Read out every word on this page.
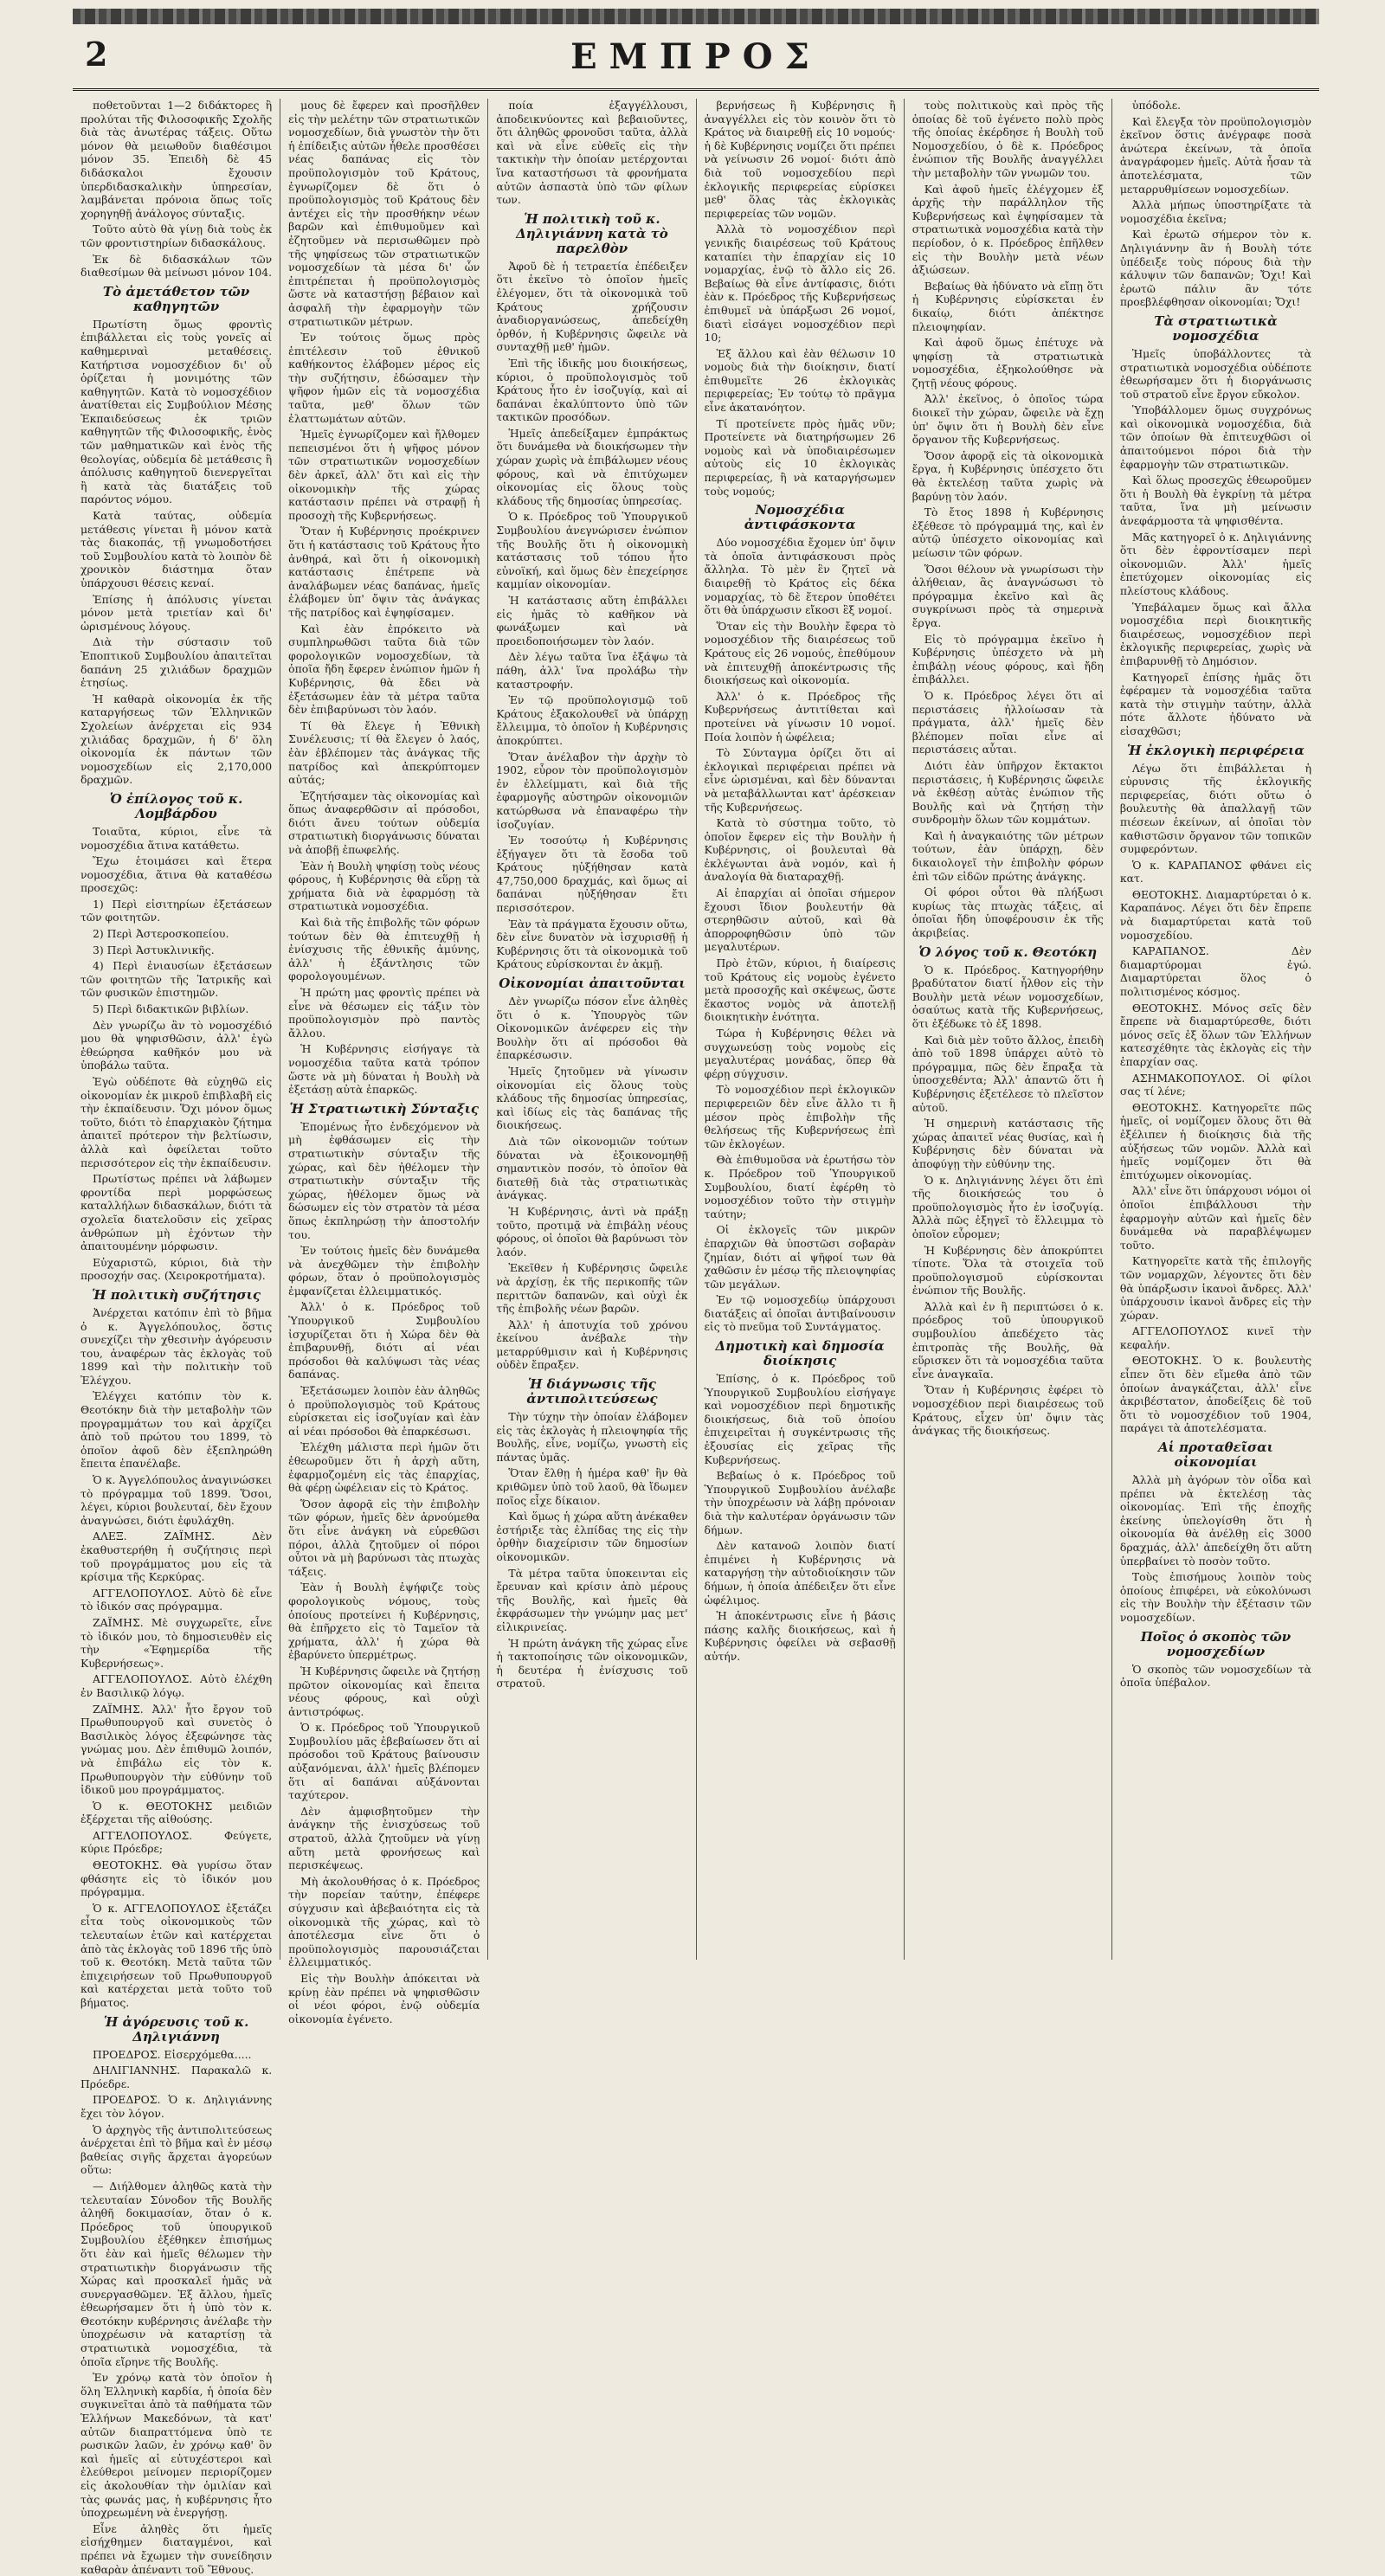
2	ΕΜΠΡΟΣ

ποθετοῦνται 1—2 διδάκτορες ἢ προλύται τῆς Φιλοσοφικῆς Σχολῆς διὰ τὰς ἀνωτέρας τάξεις. Οὕτω μόνον θὰ μειωθοῦν διαθέσιμοι μόνον 35. Ἐπειδὴ δὲ 45 διδάσκαλοι ἔχουσιν ὑπερδιδασκαλικὴν ὑπηρεσίαν, λαμβάνεται πρόνοια ὅπως τοῖς χορηγηθῇ ἀνάλογος σύνταξις.

Τοῦτο αὐτὸ θὰ γίνῃ διὰ τοὺς ἐκ τῶν φροντιστηρίων διδασκάλους.

Ἐκ δὲ διδασκάλων τῶν διαθεσίμων θὰ μείνωσι μόνον 104.

Τὸ ἀμετάθετον τῶν καθηγητῶν

Πρωτίστη ὅμως φροντὶς ἐπιβάλλεται εἰς τοὺς γονεῖς αἱ καθημεριναὶ μεταθέσεις. Κατήρτισα νομοσχέδιον δι' οὗ ὁρίζεται ἡ μονιμότης τῶν καθηγητῶν. Κατὰ τὸ νομοσχέδιον ἀνατίθεται εἰς Συμβούλιον Μέσης Ἐκπαιδεύσεως ἐκ τριῶν καθηγητῶν τῆς Φιλοσοφικῆς, ἑνὸς τῶν μαθηματικῶν καὶ ἑνὸς τῆς θεολογίας, οὐδεμία δὲ μετάθεσις ἢ ἀπόλυσις καθηγητοῦ διενεργεῖται ἢ κατὰ τὰς διατάξεις τοῦ παρόντος νόμου.

Κατὰ ταύτας, οὐδεμία μετάθεσις γίνεται ἢ μόνον κατὰ τὰς διακοπάς, τῇ γνωμοδοτήσει τοῦ Συμβουλίου κατὰ τὸ λοιπὸν δὲ χρονικὸν διάστημα ὅταν ὑπάρχουσι θέσεις κεναί.

Ἐπίσης ἡ ἀπόλυσις γίνεται μόνον μετὰ τριετίαν καὶ δι' ὡρισμένους λόγους.

Διὰ τὴν σύστασιν τοῦ Ἐποπτικοῦ Συμβουλίου ἀπαιτεῖται δαπάνη 25 χιλιάδων δραχμῶν ἐτησίως.

Ἡ καθαρὰ οἰκονομία ἐκ τῆς καταργήσεως τῶν Ἑλληνικῶν Σχολείων ἀνέρχεται εἰς 934 χιλιάδας δραχμῶν, ἡ δ' ὅλη οἰκονομία ἐκ πάντων τῶν νομοσχεδίων εἰς 2,170,000 δραχμῶν.

Ὁ ἐπίλογος τοῦ κ. Λομβάρδου

Τοιαῦτα, κύριοι, εἶνε τὰ νομοσχέδια ἅτινα κατάθετω.

Ἔχω ἑτοιμάσει καὶ ἕτερα νομοσχέδια, ἅτινα θὰ καταθέσω προσεχῶς:

1) Περὶ εἰσιτηρίων ἐξετάσεων τῶν φοιτητῶν.

2) Περὶ Ἀστεροσκοπείου.

3) Περὶ Ἀστυκλινικῆς.

4) Περὶ ἐνιαυσίων ἐξετάσεων τῶν φοιτητῶν τῆς Ἰατρικῆς καὶ τῶν φυσικῶν ἐπιστημῶν.

5) Περὶ διδακτικῶν βιβλίων.

Δὲν γνωρίζω ἂν τὸ νομοσχέδιό μου θὰ ψηφισθῶσιν, ἀλλ' ἐγὼ ἐθεώρησα καθῆκόν μου νὰ ὑποβάλω ταῦτα.

Ἐγὼ οὐδέποτε θὰ εὐχηθῶ εἰς οἰκονομίαν ἐκ μικροῦ ἐπιβλαβῆ εἰς τὴν ἐκπαίδευσιν. Ὅχι μόνον ὅμως τοῦτο, διότι τὸ ἐπαρχιακὸν ζήτημα ἀπαιτεῖ πρότερον τὴν βελτίωσιν, ἀλλὰ καὶ ὀφείλεται τοῦτο περισσότερον εἰς τὴν ἐκπαίδευσιν.

Πρωτίστως πρέπει νὰ λάβωμεν φροντίδα περὶ μορφώσεως καταλλήλων διδασκάλων, διότι τὰ σχολεῖα διατελοῦσιν εἰς χεῖρας ἀνθρώπων μὴ ἐχόντων τὴν ἀπαιτουμένην μόρφωσιν.

Εὐχαριστῶ, κύριοι, διὰ τὴν προσοχήν σας. (Χειροκροτήματα).

Ἡ πολιτικὴ συζήτησις

Ἀνέρχεται κατόπιν ἐπὶ τὸ βῆμα ὁ κ. Ἀγγελόπουλος, ὅστις συνεχίζει τὴν χθεσινὴν ἀγόρευσιν του, ἀναφέρων τὰς ἐκλογὰς τοῦ 1899 καὶ τὴν πολιτικὴν τοῦ Ἐλέγχου.

Ἐλέγχει κατόπιν τὸν κ. Θεοτόκην διὰ τὴν μεταβολὴν τῶν προγραμμάτων του καὶ ἀρχίζει ἀπὸ τοῦ πρώτου του 1899, τὸ ὁποῖον ἀφοῦ δὲν ἐξεπληρώθη ἔπειτα ἐπανέλαβε.

Ὁ κ. Ἀγγελόπουλος ἀναγινώσκει τὸ πρόγραμμα τοῦ 1899. Ὅσοι, λέγει, κύριοι βουλευταί, δὲν ἔχουν ἀναγνώσει, διότι ἐφυλάχθη.

ΑΛΕΞ. ΖΑΪΜΗΣ. Δὲν ἐκαθυστερήθη ἡ συζήτησις περὶ τοῦ προγράμματος μου εἰς τὰ κρίσιμα τῆς Κερκύρας.

ΑΓΓΕΛΟΠΟΥΛΟΣ. Αὐτὸ δὲ εἶνε τὸ ἰδικόν σας πρόγραμμα.

ΖΑΪΜΗΣ. Μὲ συγχωρεῖτε, εἶνε τὸ ἰδικόν μου, τὸ δημοσιευθὲν εἰς τὴν «Ἐφημερίδα τῆς Κυβερνήσεως».

ΑΓΓΕΛΟΠΟΥΛΟΣ. Αὐτὸ ἐλέχθη ἐν Βασιλικῷ λόγῳ.

ΖΑΪΜΗΣ. Ἀλλ' ἦτο ἔργον τοῦ Πρωθυπουργοῦ καὶ συνετὸς ὁ Βασιλικὸς λόγος ἐξεφώνησε τὰς γνώμας μου. Δὲν ἐπιθυμῶ λοιπόν, νὰ ἐπιβάλω εἰς τὸν κ. Πρωθυπουργὸν τὴν εὐθύνην τοῦ ἰδικοῦ μου προγράμματος.

Ὁ κ. ΘΕΟΤΟΚΗΣ μειδιῶν ἐξέρχεται τῆς αἰθούσης.

ΑΓΓΕΛΟΠΟΥΛΟΣ. Φεύγετε, κύριε Πρόεδρε;

ΘΕΟΤΟΚΗΣ. Θὰ γυρίσω ὅταν φθάσητε εἰς τὸ ἰδικόν μου πρόγραμμα.

Ὁ κ. ΑΓΓΕΛΟΠΟΥΛΟΣ ἐξετάζει εἶτα τοὺς οἰκονομικοὺς τῶν τελευταίων ἐτῶν καὶ κατέρχεται ἀπὸ τὰς ἐκλογὰς τοῦ 1896 τῆς ὑπὸ τοῦ κ. Θεοτόκη. Μετὰ ταῦτα τῶν ἐπιχειρήσεων τοῦ Πρωθυπουργοῦ καὶ κατέρχεται μετὰ τοῦτο τοῦ βήματος.

Ἡ ἀγόρευσις τοῦ κ. Δηλιγιάννη

ΠΡΟΕΔΡΟΣ. Εἰσερχόμεθα.....

ΔΗΛΙΓΙΑΝΝΗΣ. Παρακαλῶ κ. Πρόεδρε.

ΠΡΟΕΔΡΟΣ. Ὁ κ. Δηλιγιάννης ἔχει τὸν λόγον.

Ὁ ἀρχηγὸς τῆς ἀντιπολιτεύσεως ἀνέρχεται ἐπὶ τὸ βῆμα καὶ ἐν μέσῳ βαθείας σιγῆς ἄρχεται ἀγορεύων οὕτω:

— Διήλθομεν ἀληθῶς κατὰ τὴν τελευταίαν Σύνοδον τῆς Βουλῆς ἀληθῆ δοκιμασίαν, ὅταν ὁ κ. Πρόεδρος τοῦ ὑπουργικοῦ Συμβουλίου ἐξέθηκεν ἐπισήμως ὅτι ἐὰν καὶ ἡμεῖς θέλωμεν τὴν στρατιωτικὴν διοργάνωσιν τῆς Χώρας καὶ προσκαλεῖ ἡμᾶς νὰ συνεργασθῶμεν. Ἐξ ἄλλου, ἡμεῖς ἐθεωρήσαμεν ὅτι ἡ ὑπὸ τὸν κ. Θεοτόκην κυβέρνησις ἀνέλαβε τὴν ὑποχρέωσιν νὰ καταρτίσῃ τὰ στρατιωτικὰ νομοσχέδια, τὰ ὁποῖα εἴρηνε τῆς Βουλῆς.

Ἐν χρόνῳ κατὰ τὸν ὁποῖον ἡ ὅλη Ἑλληνικὴ καρδία, ἡ ὁποία δὲν συγκινεῖται ἀπὸ τὰ παθήματα τῶν Ἑλλήνων Μακεδόνων, τὰ κατ' αὐτῶν διαπραττόμενα ὑπὸ τε ρωσικῶν λαῶν, ἐν χρόνῳ καθ' ὃν καὶ ἡμεῖς αἱ εὐτυχέστεροι καὶ ἐλεύθεροι μείνομεν περιορίζομεν εἰς ἀκολουθίαν τὴν ὁμιλίαν καὶ τὰς φωνάς μας, ἡ κυβέρνησις ἦτο ὑποχρεωμένη νὰ ἐνεργήσῃ.

Εἶνε ἀληθὲς ὅτι ἡμεῖς εἰσήχθημεν διαταγμένοι, καὶ πρέπει νὰ ἔχωμεν τὴν συνείδησιν καθαρὰν ἀπέναντι τοῦ Ἔθνους.

μους δὲ ἔφερεν καὶ προσῆλθεν εἰς τὴν μελέτην τῶν στρατιωτικῶν νομοσχεδίων, διὰ γνωστὸν τὴν ὅτι ἡ ἐπίδειξις αὐτῶν ἦθελε προσθέσει νέας δαπάνας εἰς τὸν προϋπολογισμὸν τοῦ Κράτους, ἐγνωρίζομεν δὲ ὅτι ὁ προϋπολογισμὸς τοῦ Κράτους δὲν ἀντέχει εἰς τὴν προσθήκην νέων βαρῶν καὶ ἐπιθυμοῦμεν καὶ ἐζητοῦμεν νὰ περισωθῶμεν πρὸ τῆς ψηφίσεως τῶν στρατιωτικῶν νομοσχεδίων τὰ μέσα δι' ὧν ἐπιτρέπεται ἡ προϋπολογισμὸς ὥστε νὰ καταστήσῃ βέβαιον καὶ ἀσφαλῆ τὴν ἐφαρμογὴν τῶν στρατιωτικῶν μέτρων.

Ἐν τούτοις ὅμως πρὸς ἐπιτέλεσιν τοῦ ἐθνικοῦ καθήκοντος ἐλάβομεν μέρος εἰς τὴν συζήτησιν, ἐδώσαμεν τὴν ψῆφον ἡμῶν εἰς τὰ νομοσχέδια ταῦτα, μεθ' ὅλων τῶν ἐλαττωμάτων αὐτῶν.

Ἡμεῖς ἐγνωρίζομεν καὶ ἤλθομεν πεπεισμένοι ὅτι ἡ ψῆφος μόνον τῶν στρατιωτικῶν νομοσχεδίων δὲν ἀρκεῖ, ἀλλ' ὅτι καὶ εἰς τὴν οἰκονομικὴν τῆς χώρας κατάστασιν πρέπει νὰ στραφῇ ἡ προσοχὴ τῆς Κυβερνήσεως.

Ὅταν ἡ Κυβέρνησις προέκρινεν ὅτι ἡ κατάστασις τοῦ Κράτους ἦτο ἀνθηρά, καὶ ὅτι ἡ οἰκονομικὴ κατάστασις ἐπέτρεπε νὰ ἀναλάβωμεν νέας δαπάνας, ἡμεῖς ἐλάβομεν ὑπ' ὄψιν τὰς ἀνάγκας τῆς πατρίδος καὶ ἐψηφίσαμεν.

Καὶ ἐὰν ἐπρόκειτο νὰ συμπληρωθῶσι ταῦτα διὰ τῶν φορολογικῶν νομοσχεδίων, τὰ ὁποῖα ἤδη ἔφερεν ἐνώπιον ἡμῶν ἡ Κυβέρνησις, θὰ ἔδει νὰ ἐξετάσωμεν ἐὰν τὰ μέτρα ταῦτα δὲν ἐπιβαρύνωσι τὸν λαόν.

Τί θὰ ἔλεγε ἡ Ἐθνικὴ Συνέλευσις; τί θὰ ἔλεγεν ὁ λαός, ἐὰν ἐβλέπομεν τὰς ἀνάγκας τῆς πατρίδος καὶ ἀπεκρύπτομεν αὐτάς;

Ἐζητήσαμεν τὰς οἰκονομίας καὶ ὅπως ἀναφερθῶσιν αἱ πρόσοδοι, διότι ἄνευ τούτων οὐδεμία στρατιωτικὴ διοργάνωσις δύναται νὰ ἀποβῇ ἐπωφελής.

Ἐὰν ἡ Βουλὴ ψηφίσῃ τοὺς νέους φόρους, ἡ Κυβέρνησις θὰ εὕρῃ τὰ χρήματα διὰ νὰ ἐφαρμόσῃ τὰ στρατιωτικὰ νομοσχέδια.

Καὶ διὰ τῆς ἐπιβολῆς τῶν φόρων τούτων δὲν θὰ ἐπιτευχθῇ ἡ ἐνίσχυσις τῆς ἐθνικῆς ἀμύνης, ἀλλ' ἡ ἐξάντλησις τῶν φορολογουμένων.

Ἡ πρώτη μας φροντὶς πρέπει νὰ εἶνε νὰ θέσωμεν εἰς τάξιν τὸν προϋπολογισμὸν πρὸ παντὸς ἄλλου.

Ἡ Κυβέρνησις εἰσήγαγε τὰ νομοσχέδια ταῦτα κατὰ τρόπον ὥστε νὰ μὴ δύναται ἡ Βουλὴ νὰ ἐξετάσῃ αὐτὰ ἐπαρκῶς.

Ἡ Στρατιωτικὴ Σύνταξις

Ἐπομένως ἦτο ἐνδεχόμενον νὰ μὴ ἐφθάσωμεν εἰς τὴν στρατιωτικὴν σύνταξιν τῆς χώρας, καὶ δὲν ἠθέλομεν τὴν στρατιωτικὴν σύνταξιν τῆς χώρας, ἠθέλομεν ὅμως νὰ δώσωμεν εἰς τὸν στρατὸν τὰ μέσα ὅπως ἐκπληρώσῃ τὴν ἀποστολήν του.

Ἐν τούτοις ἡμεῖς δὲν δυνάμεθα νὰ ἀνεχθῶμεν τὴν ἐπιβολὴν φόρων, ὅταν ὁ προϋπολογισμὸς ἐμφανίζεται ἐλλειμματικός.

Ἀλλ' ὁ κ. Πρόεδρος τοῦ Ὑπουργικοῦ Συμβουλίου ἰσχυρίζεται ὅτι ἡ Χώρα δὲν θὰ ἐπιβαρυνθῇ, διότι αἱ νέαι πρόσοδοι θὰ καλύψωσι τὰς νέας δαπάνας.

Ἐξετάσωμεν λοιπὸν ἐὰν ἀληθῶς ὁ προϋπολογισμὸς τοῦ Κράτους εὑρίσκεται εἰς ἰσοζυγίαν καὶ ἐὰν αἱ νέαι πρόσοδοι θὰ ἐπαρκέσωσι.

Ἐλέχθη μάλιστα περὶ ἡμῶν ὅτι ἐθεωροῦμεν ὅτι ἡ ἀρχὴ αὕτη, ἐφαρμοζομένη εἰς τὰς ἐπαρχίας, θὰ φέρῃ ὠφέλειαν εἰς τὸ Κράτος.

Ὅσον ἀφορᾷ εἰς τὴν ἐπιβολὴν τῶν φόρων, ἡμεῖς δὲν ἀρνούμεθα ὅτι εἶνε ἀνάγκη νὰ εὑρεθῶσι πόροι, ἀλλὰ ζητοῦμεν οἱ πόροι οὗτοι νὰ μὴ βαρύνωσι τὰς πτωχὰς τάξεις.

Ἐὰν ἡ Βουλὴ ἐψήφιζε τοὺς φορολογικοὺς νόμους, τοὺς ὁποίους προτείνει ἡ Κυβέρνησις, θὰ ἐπῆρχετο εἰς τὸ Ταμεῖον τὰ χρήματα, ἀλλ' ἡ χώρα θὰ ἐβαρύνετο ὑπερμέτρως.

Ἡ Κυβέρνησις ὤφειλε νὰ ζητήσῃ πρῶτον οἰκονομίας καὶ ἔπειτα νέους φόρους, καὶ οὐχὶ ἀντιστρόφως.

Ὁ κ. Πρόεδρος τοῦ Ὑπουργικοῦ Συμβουλίου μᾶς ἐβεβαίωσεν ὅτι αἱ πρόσοδοι τοῦ Κράτους βαίνουσιν αὐξανόμεναι, ἀλλ' ἡμεῖς βλέπομεν ὅτι αἱ δαπάναι αὐξάνονται ταχύτερον.

Δὲν ἀμφισβητοῦμεν τὴν ἀνάγκην τῆς ἐνισχύσεως τοῦ στρατοῦ, ἀλλὰ ζητοῦμεν νὰ γίνῃ αὕτη μετὰ φρονήσεως καὶ περισκέψεως.

Μὴ ἀκολουθήσας ὁ κ. Πρόεδρος τὴν πορείαν ταύτην, ἐπέφερε σύγχυσιν καὶ ἀβεβαιότητα εἰς τὰ οἰκονομικὰ τῆς χώρας, καὶ τὸ ἀποτέλεσμα εἶνε ὅτι ὁ προϋπολογισμὸς παρουσιάζεται ἐλλειμματικός.

Εἰς τὴν Βουλὴν ἀπόκειται νὰ κρίνῃ ἐὰν πρέπει νὰ ψηφισθῶσιν οἱ νέοι φόροι, ἐνῷ οὐδεμία οἰκονομία ἐγένετο.

ποία ἐξαγγέλλουσι, ἀποδεικνύοντες καὶ βεβαιοῦντες, ὅτι ἀληθῶς φρονοῦσι ταῦτα, ἀλλὰ καὶ νὰ εἶνε εὐθεῖς εἰς τὴν τακτικὴν τὴν ὁποίαν μετέρχονται ἵνα καταστήσωσι τὰ φρονήματα αὐτῶν ἀσπαστὰ ὑπὸ τῶν φίλων των.

Ἡ πολιτικὴ τοῦ κ. Δηλιγιάννη κατὰ τὸ παρελθὸν

Ἀφοῦ δὲ ἡ τετραετία ἐπέδειξεν ὅτι ἐκεῖνο τὸ ὁποῖον ἡμεῖς ἐλέγομεν, ὅτι τὰ οἰκονομικὰ τοῦ Κράτους χρήζουσιν ἀναδιοργανώσεως, ἀπεδείχθη ὀρθόν, ἡ Κυβέρνησις ὤφειλε νὰ συνταχθῇ μεθ' ἡμῶν.

Ἐπὶ τῆς ἰδικῆς μου διοικήσεως, κύριοι, ὁ προϋπολογισμὸς τοῦ Κράτους ἦτο ἐν ἰσοζυγίᾳ, καὶ αἱ δαπάναι ἐκαλύπτοντο ὑπὸ τῶν τακτικῶν προσόδων.

Ἡμεῖς ἀπεδείξαμεν ἐμπράκτως ὅτι δυνάμεθα νὰ διοικήσωμεν τὴν χώραν χωρὶς νὰ ἐπιβάλωμεν νέους φόρους, καὶ νὰ ἐπιτύχωμεν οἰκονομίας εἰς ὅλους τοὺς κλάδους τῆς δημοσίας ὑπηρεσίας.

Ὁ κ. Πρόεδρος τοῦ Ὑπουργικοῦ Συμβουλίου ἀνεγνώρισεν ἐνώπιον τῆς Βουλῆς ὅτι ἡ οἰκονομικὴ κατάστασις τοῦ τόπου ἦτο εὐνοϊκή, καὶ ὅμως δὲν ἐπεχείρησε καμμίαν οἰκονομίαν.

Ἡ κατάστασις αὕτη ἐπιβάλλει εἰς ἡμᾶς τὸ καθῆκον νὰ φωνάξωμεν καὶ νὰ προειδοποιήσωμεν τὸν λαόν.

Δὲν λέγω ταῦτα ἵνα ἐξάψω τὰ πάθη, ἀλλ' ἵνα προλάβω τὴν καταστροφήν.

Ἐν τῷ προϋπολογισμῷ τοῦ Κράτους ἐξακολουθεῖ νὰ ὑπάρχῃ ἔλλειμμα, τὸ ὁποῖον ἡ Κυβέρνησις ἀποκρύπτει.

Ὅταν ἀνέλαβον τὴν ἀρχὴν τὸ 1902, εὗρον τὸν προϋπολογισμὸν ἐν ἐλλείμματι, καὶ διὰ τῆς ἐφαρμογῆς αὐστηρῶν οἰκονομιῶν κατώρθωσα νὰ ἐπαναφέρω τὴν ἰσοζυγίαν.

Ἐν τοσούτῳ ἡ Κυβέρνησις ἐξήγαγεν ὅτι τὰ ἔσοδα τοῦ Κράτους ηὐξήθησαν κατὰ 47,750,000 δραχμάς, καὶ ὅμως αἱ δαπάναι ηὐξήθησαν ἔτι περισσότερον.

Ἐὰν τὰ πράγματα ἔχουσιν οὕτω, δὲν εἶνε δυνατὸν νὰ ἰσχυρισθῇ ἡ Κυβέρνησις ὅτι τὰ οἰκονομικὰ τοῦ Κράτους εὑρίσκονται ἐν ἀκμῇ.

Οἰκονομίαι ἀπαιτοῦνται

Δὲν γνωρίζω πόσον εἶνε ἀληθὲς ὅτι ὁ κ. Ὑπουργὸς τῶν Οἰκονομικῶν ἀνέφερεν εἰς τὴν Βουλὴν ὅτι αἱ πρόσοδοι θὰ ἐπαρκέσωσιν.

Ἡμεῖς ζητοῦμεν νὰ γίνωσιν οἰκονομίαι εἰς ὅλους τοὺς κλάδους τῆς δημοσίας ὑπηρεσίας, καὶ ἰδίως εἰς τὰς δαπάνας τῆς διοικήσεως.

Διὰ τῶν οἰκονομιῶν τούτων δύναται νὰ ἐξοικονομηθῇ σημαντικὸν ποσόν, τὸ ὁποῖον θὰ διατεθῇ διὰ τὰς στρατιωτικὰς ἀνάγκας.

Ἡ Κυβέρνησις, ἀντὶ νὰ πράξῃ τοῦτο, προτιμᾷ νὰ ἐπιβάλῃ νέους φόρους, οἱ ὁποῖοι θὰ βαρύνωσι τὸν λαόν.

Ἐκεῖθεν ἡ Κυβέρνησις ὤφειλε νὰ ἀρχίσῃ, ἐκ τῆς περικοπῆς τῶν περιττῶν δαπανῶν, καὶ οὐχὶ ἐκ τῆς ἐπιβολῆς νέων βαρῶν.

Ἀλλ' ἡ ἀποτυχία τοῦ χρόνου ἐκείνου ἀνέβαλε τὴν μεταρρύθμισιν καὶ ἡ Κυβέρνησις οὐδὲν ἔπραξεν.

Ἡ διάγνωσις τῆς ἀντιπολιτεύσεως

Τὴν τύχην τὴν ὁποίαν ἐλάβομεν εἰς τὰς ἐκλογὰς ἡ πλειοψηφία τῆς Βουλῆς, εἶνε, νομίζω, γνωστὴ εἰς πάντας ὑμᾶς.

Ὅταν ἔλθῃ ἡ ἡμέρα καθ' ἣν θὰ κριθῶμεν ὑπὸ τοῦ λαοῦ, θὰ ἴδωμεν ποῖος εἶχε δίκαιον.

Καὶ ὅμως ἡ χώρα αὕτη ἀνέκαθεν ἐστήριξε τὰς ἐλπίδας της εἰς τὴν ὀρθὴν διαχείρισιν τῶν δημοσίων οἰκονομικῶν.

Τὰ μέτρα ταῦτα ὑποκεινται εἰς ἔρευναν καὶ κρίσιν ἀπὸ μέρους τῆς Βουλῆς, καὶ ἡμεῖς θὰ ἐκφράσωμεν τὴν γνώμην μας μετ' εἰλικρινείας.

Ἡ πρώτη ἀνάγκη τῆς χώρας εἶνε ἡ τακτοποίησις τῶν οἰκονομικῶν, ἡ δευτέρα ἡ ἐνίσχυσις τοῦ στρατοῦ.

βερνήσεως ἢ Κυβέρνησις ἢ ἀναγγέλλει εἰς τὸν κοινὸν ὅτι τὸ Κράτος νὰ διαιρεθῇ εἰς 10 νομούς· ἡ δὲ Κυβέρνησις νομίζει ὅτι πρέπει νὰ γείνωσιν 26 νομοί· διότι ἀπὸ διὰ τοῦ νομοσχεδίου περὶ ἐκλογικῆς περιφερείας εὑρίσκει μεθ' ὅλας τὰς ἐκλογικὰς περιφερείας τῶν νομῶν.

Ἀλλὰ τὸ νομοσχέδιον περὶ γενικῆς διαιρέσεως τοῦ Κράτους καταπίει τὴν ἐπαρχίαν εἰς 10 νομαρχίας, ἐνῷ τὸ ἄλλο εἰς 26. Βεβαίως θὰ εἶνε ἀντίφασις, διότι ἐὰν κ. Πρόεδρος τῆς Κυβερνήσεως ἐπιθυμεῖ νὰ ὑπάρξωσι 26 νομοί, διατὶ εἰσάγει νομοσχέδιον περὶ 10;

Ἐξ ἄλλου καὶ ἐὰν θέλωσιν 10 νομοὺς διὰ τὴν διοίκησιν, διατί ἐπιθυμεῖτε 26 ἐκλογικὰς περιφερείας; Ἐν τούτῳ τὸ πρᾶγμα εἶνε ἀκατανόητον.

Τί προτείνετε πρὸς ἡμᾶς νῦν; Προτείνετε νὰ διατηρήσωμεν 26 νομοὺς καὶ νὰ ὑποδιαιρέσωμεν αὐτοὺς εἰς 10 ἐκλογικὰς περιφερείας, ἢ νὰ καταργήσωμεν τοὺς νομούς;

Νομοσχέδια ἀντιφάσκοντα

Δύο νομοσχέδια ἔχομεν ὑπ' ὄψιν τὰ ὁποῖα ἀντιφάσκουσι πρὸς ἄλληλα. Τὸ μὲν ἓν ζητεῖ νὰ διαιρεθῇ τὸ Κράτος εἰς δέκα νομαρχίας, τὸ δὲ ἕτερον ὑποθέτει ὅτι θὰ ὑπάρχωσιν εἴκοσι ἓξ νομοί.

Ὅταν εἰς τὴν Βουλὴν ἔφερα τὸ νομοσχέδιον τῆς διαιρέσεως τοῦ Κράτους εἰς 26 νομούς, ἐπεθύμουν νὰ ἐπιτευχθῇ ἀποκέντρωσις τῆς διοικήσεως καὶ οἰκονομία.

Ἀλλ' ὁ κ. Πρόεδρος τῆς Κυβερνήσεως ἀντιτίθεται καὶ προτείνει νὰ γίνωσιν 10 νομοί. Ποία λοιπὸν ἡ ὠφέλεια;

Τὸ Σύνταγμα ὁρίζει ὅτι αἱ ἐκλογικαὶ περιφέρειαι πρέπει νὰ εἶνε ὡρισμέναι, καὶ δὲν δύνανται νὰ μεταβάλλωνται κατ' ἀρέσκειαν τῆς Κυβερνήσεως.

Κατὰ τὸ σύστημα τοῦτο, τὸ ὁποῖον ἔφερεν εἰς τὴν Βουλὴν ἡ Κυβέρνησις, οἱ βουλευταὶ θὰ ἐκλέγωνται ἀνὰ νομόν, καὶ ἡ ἀναλογία θὰ διαταραχθῇ.

Αἱ ἐπαρχίαι αἱ ὁποῖαι σήμερον ἔχουσι ἴδιον βουλευτήν θὰ στερηθῶσιν αὐτοῦ, καὶ θὰ ἀπορροφηθῶσιν ὑπὸ τῶν μεγαλυτέρων.

Πρὸ ἐτῶν, κύριοι, ἡ διαίρεσις τοῦ Κράτους εἰς νομοὺς ἐγένετο μετὰ προσοχῆς καὶ σκέψεως, ὥστε ἕκαστος νομὸς νὰ ἀποτελῇ διοικητικὴν ἑνότητα.

Τώρα ἡ Κυβέρνησις θέλει νὰ συγχωνεύσῃ τοὺς νομοὺς εἰς μεγαλυτέρας μονάδας, ὅπερ θὰ φέρῃ σύγχυσιν.

Τὸ νομοσχέδιον περὶ ἐκλογικῶν περιφερειῶν δὲν εἶνε ἄλλο τι ἢ μέσον πρὸς ἐπιβολὴν τῆς θελήσεως τῆς Κυβερνήσεως ἐπὶ τῶν ἐκλογέων.

Θὰ ἐπιθυμοῦσα νὰ ἐρωτήσω τὸν κ. Πρόεδρον τοῦ Ὑπουργικοῦ Συμβουλίου, διατί ἐφέρθη τὸ νομοσχέδιον τοῦτο τὴν στιγμὴν ταύτην;

Οἱ ἐκλογεῖς τῶν μικρῶν ἐπαρχιῶν θὰ ὑποστῶσι σοβαρὰν ζημίαν, διότι αἱ ψῆφοί των θὰ χαθῶσιν ἐν μέσῳ τῆς πλειοψηφίας τῶν μεγάλων.

Ἐν τῷ νομοσχεδίῳ ὑπάρχουσι διατάξεις αἱ ὁποῖαι ἀντιβαίνουσιν εἰς τὸ πνεῦμα τοῦ Συντάγματος.

Δημοτικὴ καὶ δημοσία διοίκησις

Ἐπίσης, ὁ κ. Πρόεδρος τοῦ Ὑπουργικοῦ Συμβουλίου εἰσήγαγε καὶ νομοσχέδιον περὶ δημοτικῆς διοικήσεως, διὰ τοῦ ὁποίου ἐπιχειρεῖται ἡ συγκέντρωσις τῆς ἐξουσίας εἰς χεῖρας τῆς Κυβερνήσεως.

Βεβαίως ὁ κ. Πρόεδρος τοῦ Ὑπουργικοῦ Συμβουλίου ἀνέλαβε τὴν ὑποχρέωσιν νὰ λάβῃ πρόνοιαν διὰ τὴν καλυτέραν ὀργάνωσιν τῶν δήμων.

Δὲν κατανοῶ λοιπὸν διατί ἐπιμένει ἡ Κυβέρνησις νὰ καταργήσῃ τὴν αὐτοδιοίκησιν τῶν δήμων, ἡ ὁποία ἀπέδειξεν ὅτι εἶνε ὠφέλιμος.

Ἡ ἀποκέντρωσις εἶνε ἡ βάσις πάσης καλῆς διοικήσεως, καὶ ἡ Κυβέρνησις ὀφείλει νὰ σεβασθῇ αὐτήν.

τοὺς πολιτικοὺς καὶ πρὸς τῆς ὁποίας δὲ τοῦ ἐγένετο πολὺ πρὸς τῆς ὁποίας ἐκέρδησε ἡ Βουλὴ τοῦ Νομοσχεδίου, ὁ δὲ κ. Πρόεδρος ἐνώπιον τῆς Βουλῆς ἀναγγέλλει τὴν μεταβολὴν τῶν γνωμῶν του.

Καὶ ἀφοῦ ἡμεῖς ἐλέγχομεν ἐξ ἀρχῆς τὴν παράλληλον τῆς Κυβερνήσεως καὶ ἐψηφίσαμεν τὰ στρατιωτικὰ νομοσχέδια κατὰ τὴν περίοδον, ὁ κ. Πρόεδρος ἐπῆλθεν εἰς τὴν Βουλὴν μετὰ νέων ἀξιώσεων.

Βεβαίως θὰ ἠδύνατο νὰ εἴπῃ ὅτι ἡ Κυβέρνησις εὑρίσκεται ἐν δικαίῳ, διότι ἀπέκτησε πλειοψηφίαν.

Καὶ ἀφοῦ ὅμως ἐπέτυχε νὰ ψηφίσῃ τὰ στρατιωτικὰ νομοσχέδια, ἐξηκολούθησε νὰ ζητῇ νέους φόρους.

Ἀλλ' ἐκεῖνος, ὁ ὁποῖος τώρα διοικεῖ τὴν χώραν, ὤφειλε νὰ ἔχῃ ὑπ' ὄψιν ὅτι ἡ Βουλὴ δὲν εἶνε ὄργανον τῆς Κυβερνήσεως.

Ὅσον ἀφορᾷ εἰς τὰ οἰκονομικὰ ἔργα, ἡ Κυβέρνησις ὑπέσχετο ὅτι θὰ ἐκτελέσῃ ταῦτα χωρὶς νὰ βαρύνῃ τὸν λαόν.

Τὸ ἔτος 1898 ἡ Κυβέρνησις ἐξέθεσε τὸ πρόγραμμά της, καὶ ἐν αὐτῷ ὑπέσχετο οἰκονομίας καὶ μείωσιν τῶν φόρων.

Ὅσοι θέλουν νὰ γνωρίσωσι τὴν ἀλήθειαν, ἂς ἀναγνώσωσι τὸ πρόγραμμα ἐκεῖνο καὶ ἂς συγκρίνωσι πρὸς τὰ σημερινὰ ἔργα.

Εἰς τὸ πρόγραμμα ἐκεῖνο ἡ Κυβέρνησις ὑπέσχετο νὰ μὴ ἐπιβάλῃ νέους φόρους, καὶ ἤδη ἐπιβάλλει.

Ὁ κ. Πρόεδρος λέγει ὅτι αἱ περιστάσεις ἠλλοίωσαν τὰ πράγματα, ἀλλ' ἡμεῖς δὲν βλέπομεν ποῖαι εἶνε αἱ περιστάσεις αὗται.

Διότι ἐὰν ὑπῆρχον ἔκτακτοι περιστάσεις, ἡ Κυβέρνησις ὤφειλε νὰ ἐκθέσῃ αὐτὰς ἐνώπιον τῆς Βουλῆς καὶ νὰ ζητήσῃ τὴν συνδρομὴν ὅλων τῶν κομμάτων.

Καὶ ἡ ἀναγκαιότης τῶν μέτρων τούτων, ἐὰν ὑπάρχῃ, δὲν δικαιολογεῖ τὴν ἐπιβολὴν φόρων ἐπὶ τῶν εἰδῶν πρώτης ἀνάγκης.

Οἱ φόροι οὗτοι θὰ πλήξωσι κυρίως τὰς πτωχὰς τάξεις, αἱ ὁποῖαι ἤδη ὑποφέρουσιν ἐκ τῆς ἀκριβείας.

Ὁ λόγος τοῦ κ. Θεοτόκη

Ὁ κ. Πρόεδρος. Κατηγορήθην βραδύτατον διατί ἦλθον εἰς τὴν Βουλὴν μετὰ νέων νομοσχεδίων, ὁσαύτως κατὰ τῆς Κυβερνήσεως, ὅτι ἐξέδωκε τὸ ἐξ 1898.

Καὶ διὰ μὲν τοῦτο ἄλλος, ἐπειδὴ ἀπὸ τοῦ 1898 ὑπάρχει αὐτὸ τὸ πρόγραμμα, πῶς δὲν ἔπραξα τὰ ὑποσχεθέντα; Ἀλλ' ἀπαντῶ ὅτι ἡ Κυβέρνησις ἐξετέλεσε τὸ πλεῖστον αὐτοῦ.

Ἡ σημερινὴ κατάστασις τῆς χώρας ἀπαιτεῖ νέας θυσίας, καὶ ἡ Κυβέρνησις δὲν δύναται νὰ ἀποφύγῃ τὴν εὐθύνην της.

Ὁ κ. Δηλιγιάννης λέγει ὅτι ἐπὶ τῆς διοικήσεώς του ὁ προϋπολογισμὸς ἦτο ἐν ἰσοζυγίᾳ. Ἀλλὰ πῶς ἐξηγεῖ τὸ ἔλλειμμα τὸ ὁποῖον εὗρομεν;

Ἡ Κυβέρνησις δὲν ἀποκρύπτει τίποτε. Ὅλα τὰ στοιχεῖα τοῦ προϋπολογισμοῦ εὑρίσκονται ἐνώπιον τῆς Βουλῆς.

Ἀλλὰ καὶ ἐν ἢ περιπτώσει ὁ κ. πρόεδρος τοῦ ὑπουργικοῦ συμβουλίου ἀπεδέχετο τὰς ἐπιτροπὰς τῆς Βουλῆς, θὰ εὕρισκεν ὅτι τὰ νομοσχέδια ταῦτα εἶνε ἀναγκαῖα.

Ὅταν ἡ Κυβέρνησις ἐφέρει τὸ νομοσχέδιον περὶ διαιρέσεως τοῦ Κράτους, εἶχεν ὑπ' ὄψιν τὰς ἀνάγκας τῆς διοικήσεως.

ὑπόδολε.

Καὶ ἔλεγξα τὸν προϋπολογισμὸν ἐκεῖνον ὅστις ἀνέγραφε ποσὰ ἀνώτερα ἐκείνων, τὰ ὁποῖα ἀναγράφομεν ἡμεῖς. Αὐτὰ ἦσαν τὰ ἀποτελέσματα, τῶν μεταρρυθμίσεων νομοσχεδίων.

Ἀλλὰ μήπως ὑποστηρίξατε τὰ νομοσχέδια ἐκεῖνα;

Καὶ ἐρωτῶ σήμερον τὸν κ. Δηλιγιάννην ἂν ἡ Βουλὴ τότε ὑπέδειξε τοὺς πόρους διὰ τὴν κάλυψιν τῶν δαπανῶν; Ὄχι! Καὶ ἐρωτῶ πάλιν ἂν τότε προεβλέφθησαν οἰκονομίαι; Ὄχι!

Τὰ στρατιωτικὰ νομοσχέδια

Ἡμεῖς ὑποβάλλοντες τὰ στρατιωτικὰ νομοσχέδια οὐδέποτε ἐθεωρήσαμεν ὅτι ἡ διοργάνωσις τοῦ στρατοῦ εἶνε ἔργον εὔκολον.

Ὑποβάλλομεν ὅμως συγχρόνως καὶ οἰκονομικὰ νομοσχέδια, διὰ τῶν ὁποίων θὰ ἐπιτευχθῶσι οἱ ἀπαιτούμενοι πόροι διὰ τὴν ἐφαρμογὴν τῶν στρατιωτικῶν.

Καὶ ὅλως προσεχῶς ἐθεωροῦμεν ὅτι ἡ Βουλὴ θὰ ἐγκρίνῃ τὰ μέτρα ταῦτα, ἵνα μὴ μείνωσιν ἀνεφάρμοστα τὰ ψηφισθέντα.

Μᾶς κατηγορεῖ ὁ κ. Δηλιγιάννης ὅτι δὲν ἐφροντίσαμεν περὶ οἰκονομιῶν. Ἀλλ' ἡμεῖς ἐπετύχομεν οἰκονομίας εἰς πλείστους κλάδους.

Ὑπεβάλαμεν ὅμως καὶ ἄλλα νομοσχέδια περὶ διοικητικῆς διαιρέσεως, νομοσχέδιον περὶ ἐκλογικῆς περιφερείας, χωρὶς νὰ ἐπιβαρυνθῇ τὸ Δημόσιον.

Κατηγορεῖ ἐπίσης ἡμᾶς ὅτι ἐφέραμεν τὰ νομοσχέδια ταῦτα κατὰ τὴν στιγμὴν ταύτην, ἀλλὰ πότε ἄλλοτε ἠδύνατο νὰ εἰσαχθῶσι;

Ἡ ἐκλογικὴ περιφέρεια

Λέγω ὅτι ἐπιβάλλεται ἡ εὐρυνσις τῆς ἐκλογικῆς περιφερείας, διότι οὕτω ὁ βουλευτὴς θὰ ἀπαλλαγῇ τῶν πιέσεων ἐκείνων, αἱ ὁποῖαι τὸν καθιστῶσιν ὄργανον τῶν τοπικῶν συμφερόντων.

Ὁ κ. ΚΑΡΑΠΑΝΟΣ φθάνει εἰς κατ.

ΘΕΟΤΟΚΗΣ. Διαμαρτύρεται ὁ κ. Καραπάνος. Λέγει ὅτι δὲν ἔπρεπε νὰ διαμαρτύρεται κατὰ τοῦ νομοσχεδίου.

ΚΑΡΑΠΑΝΟΣ. Δὲν διαμαρτύρομαι ἐγώ. Διαμαρτύρεται ὅλος ὁ πολιτισμένος κόσμος.

ΘΕΟΤΟΚΗΣ. Μόνος σεῖς δὲν ἔπρεπε νὰ διαμαρτύρεσθε, διότι μόνος σεῖς ἐξ ὅλων τῶν Ἑλλήνων κατεσχέθητε τὰς ἐκλογὰς εἰς τὴν ἐπαρχίαν σας.

ΑΣΗΜΑΚΟΠΟΥΛΟΣ. Οἱ φίλοι σας τί λένε;

ΘΕΟΤΟΚΗΣ. Κατηγορεῖτε πῶς ἡμεῖς, οἱ νομίζομεν ὅλους ὅτι θὰ ἐξέλιπεν ἡ διοίκησις διὰ τῆς αὐξήσεως τῶν νομῶν. Ἀλλὰ καὶ ἡμεῖς νομίζομεν ὅτι θὰ ἐπιτύχωμεν οἰκονομίας.

Ἀλλ' εἶνε ὅτι ὑπάρχουσι νόμοι οἱ ὁποῖοι ἐπιβάλλουσι τὴν ἐφαρμογὴν αὐτῶν καὶ ἡμεῖς δὲν δυνάμεθα νὰ παραβλέψωμεν τοῦτο.

Κατηγορεῖτε κατὰ τῆς ἐπιλογῆς τῶν νομαρχῶν, λέγοντες ὅτι δὲν θὰ ὑπάρξωσιν ἱκανοὶ ἄνδρες. Ἀλλ' ὑπάρχουσιν ἱκανοὶ ἄνδρες εἰς τὴν χώραν.

ΑΓΓΕΛΟΠΟΥΛΟΣ κινεῖ τὴν κεφαλήν.

ΘΕΟΤΟΚΗΣ. Ὁ κ. βουλευτὴς εἶπεν ὅτι δὲν εἴμεθα ἀπὸ τῶν ὁποίων ἀναγκάζεται, ἀλλ' εἶνε ἀκριβέστατον, ἀποδείξεις δὲ τοῦ ὅτι τὸ νομοσχέδιον τοῦ 1904, παράγει τὰ ἀποτελέσματα.

Αἱ προταθεῖσαι οἰκονομίαι

Ἀλλὰ μὴ ἀγόρων τὸν οἶδα καὶ πρέπει νὰ ἐκτελέσῃ τὰς οἰκονομίας. Ἐπὶ τῆς ἐποχῆς ἐκείνης ὑπελογίσθη ὅτι ἡ οἰκονομία θὰ ἀνέλθῃ εἰς 3000 δραχμάς, ἀλλ' ἀπεδείχθη ὅτι αὕτη ὑπερβαίνει τὸ ποσὸν τοῦτο.

Τοὺς ἐπισήμους λοιπὸν τοὺς ὁποίους ἐπιφέρει, νὰ εὐκολύνωσι εἰς τὴν Βουλὴν τὴν ἐξέτασιν τῶν νομοσχεδίων.

Ποῖος ὁ σκοπὸς τῶν νομοσχεδίων

Ὁ σκοπὸς τῶν νομοσχεδίων τὰ ὁποῖα ὑπέβαλον.
